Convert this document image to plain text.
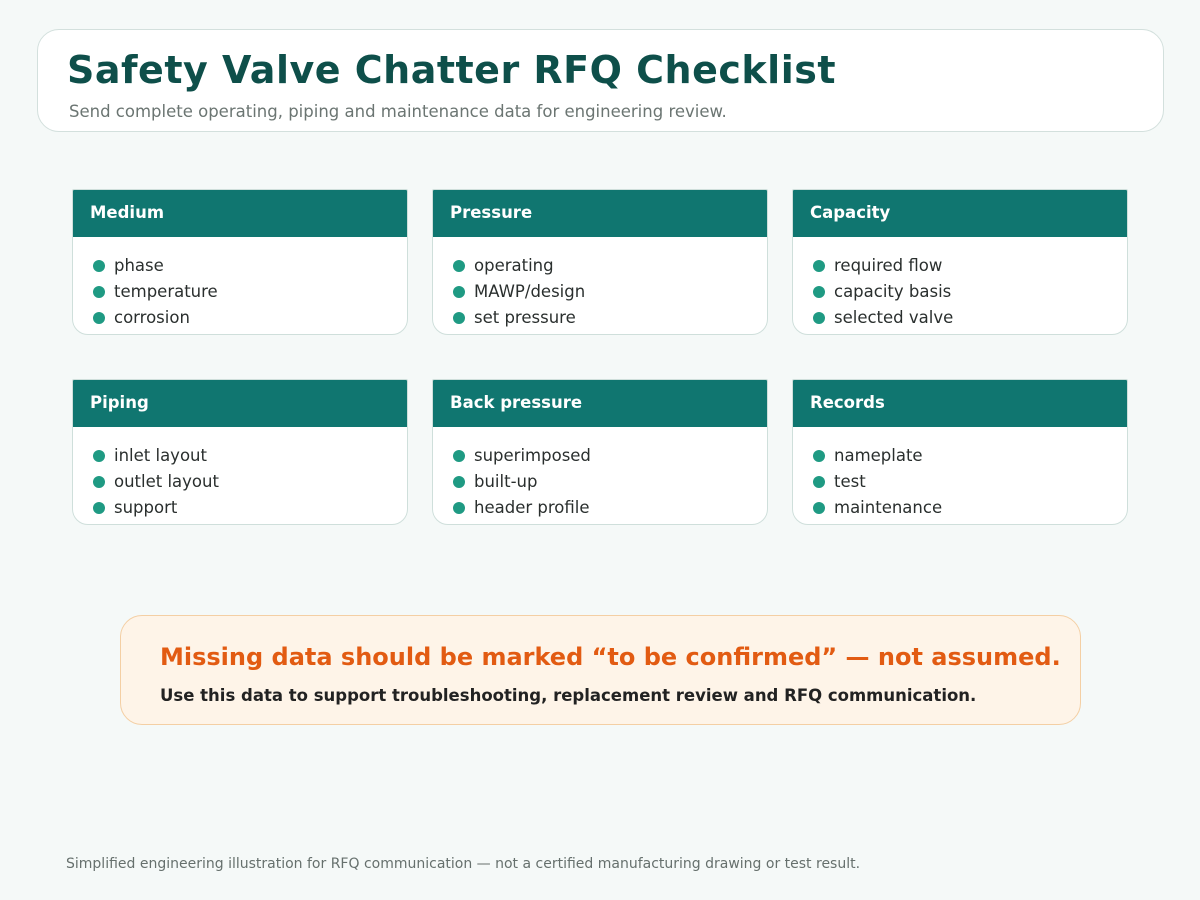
Safety Valve Chatter RFQ Checklist

Send complete operating, piping and maintenance data for engineering review.

Medium
phase
temperature
corrosion
Pressure
operating
MAWP/design
set pressure
Capacity
required flow
capacity basis
selected valve
Piping
inlet layout
outlet layout
support
Back pressure
superimposed
built-up
header profile
Records
nameplate
test
maintenance
Missing data should be marked “to be confirmed” — not assumed.
Use this data to support troubleshooting, replacement review and RFQ communication.
Simplified engineering illustration for RFQ communication — not a certified manufacturing drawing or test result.
